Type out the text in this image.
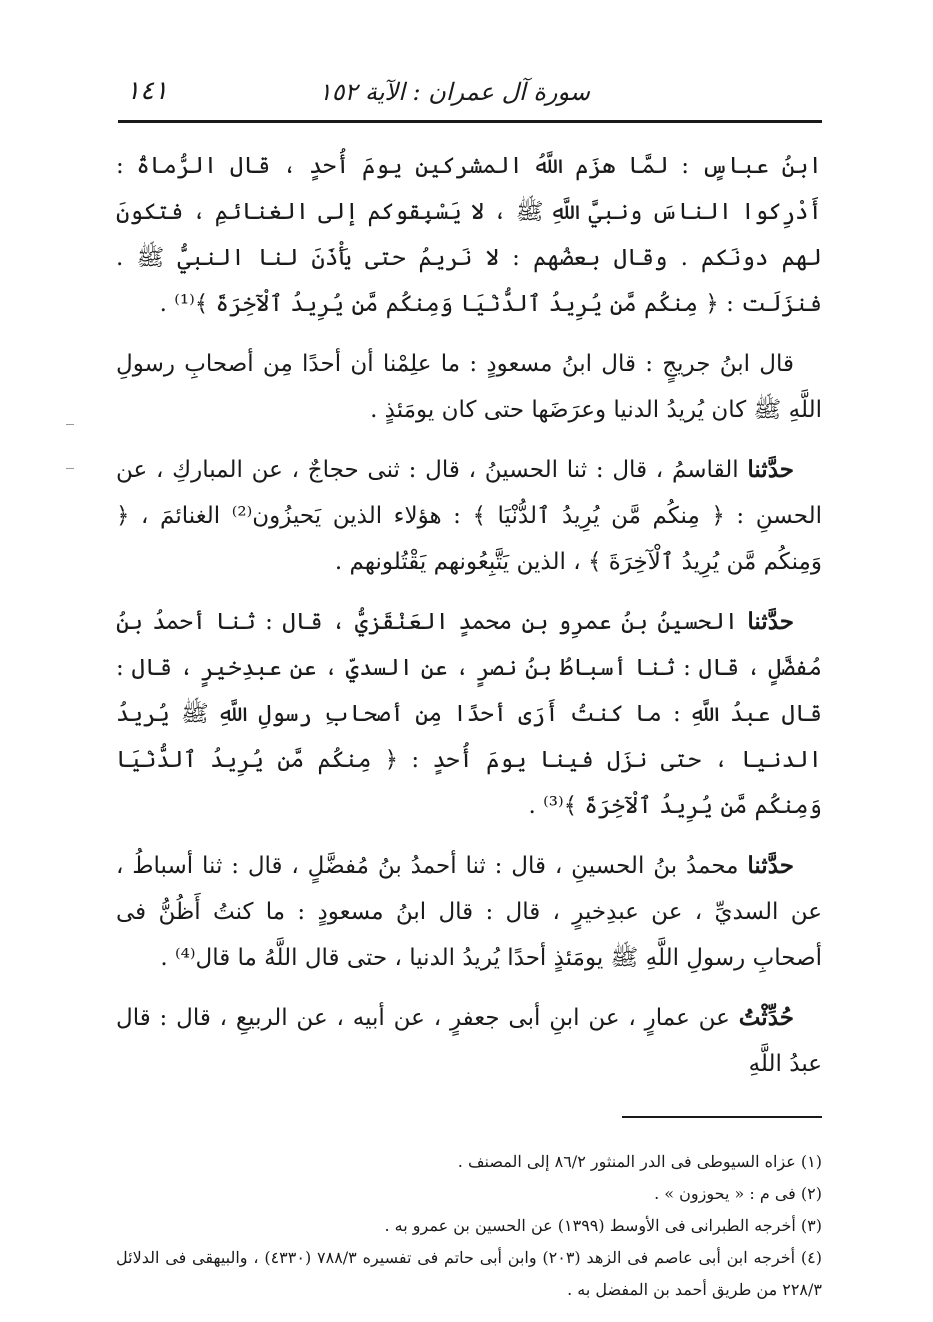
سورة آل عمران : الآية ١٥٢
١٤١

ابنُ عباسٍ : لمَّا هزَم اللَّهُ المشركين يومَ أُحدٍ ، قال الرُّماةُ : أَدْرِكوا الناسَ ونبيَّ اللَّهِ ﷺ ، لا يَسْبِقوكم إلى الغنائمِ ، فتكونَ لهم دونَكم . وقال بعضُهم : لا نَريمُ حتى يَأْذَنَ لنا النبيُّ ﷺ . فنزَلَت : ﴿ مِنكُم مَّن يُرِيدُ ٱلدُّنْيَا وَمِنكُم مَّن يُرِيدُ ٱلْآخِرَةَ ﴾⁽¹⁾ .

قال ابنُ جريجٍ : قال ابنُ مسعودٍ : ما علِمْنا أن أحدًا مِن أصحابِ رسولِ اللَّهِ ﷺ كان يُريدُ الدنيا وعرَضَها حتى كان يومَئذٍ .

حدَّثنا القاسمُ ، قال : ثنا الحسينُ ، قال : ثنى حجاجٌ ، عن المباركِ ، عن الحسنِ : ﴿ مِنكُم مَّن يُرِيدُ ٱلدُّنْيَا ﴾ : هؤلاء الذين يَحيزُون⁽²⁾ الغنائمَ ، ﴿ وَمِنكُم مَّن يُرِيدُ ٱلْآخِرَةَ ﴾ ، الذين يَتَّبِعُونهم يَقْتُلونهم .

حدَّثنا الحسينُ بنُ عمرِو بنِ محمدٍ العَنْقَزيُّ ، قال : ثنا أحمدُ بنُ مُفضَّلٍ ، قال : ثنا أسباطُ بنُ نصرٍ ، عن السديِّ ، عن عبدِخيرٍ ، قال : قال عبدُ اللَّهِ : ما كنتُ أَرَى أحدًا مِن أصحابِ رسولِ اللَّهِ ﷺ يُريدُ الدنيا ، حتى نزَل فينا يومَ أُحدٍ : ﴿ مِنكُم مَّن يُرِيدُ ٱلدُّنْيَا وَمِنكُم مَّن يُرِيدُ ٱلْآخِرَةَ ﴾⁽³⁾ .

حدَّثنا محمدُ بنُ الحسينِ ، قال : ثنا أحمدُ بنُ مُفضَّلٍ ، قال : ثنا أسباطُ ، عن السديِّ ، عن عبدِخيرٍ ، قال : قال ابنُ مسعودٍ : ما كنتُ أَظُنُّ فى أصحابِ رسولِ اللَّهِ ﷺ يومَئذٍ أحدًا يُريدُ الدنيا ، حتى قال اللَّهُ ما قال⁽⁴⁾ .

حُدِّثْتُ عن عمارٍ ، عن ابنِ أبى جعفرٍ ، عن أبيه ، عن الربيعِ ، قال : قال عبدُ اللَّهِ

(١) عزاه السيوطى فى الدر المنثور ٨٦/٢ إلى المصنف .

(٢) فى م : « يحوزون » .

(٣) أخرجه الطبرانى فى الأوسط (١٣٩٩) عن الحسين بن عمرو به .

(٤) أخرجه ابن أبى عاصم فى الزهد (٢٠٣) وابن أبى حاتم فى تفسيره ٧٨٨/٣ (٤٣٣٠) ، والبيهقى فى الدلائل ٢٢٨/٣ من طريق أحمد بن المفضل به .
